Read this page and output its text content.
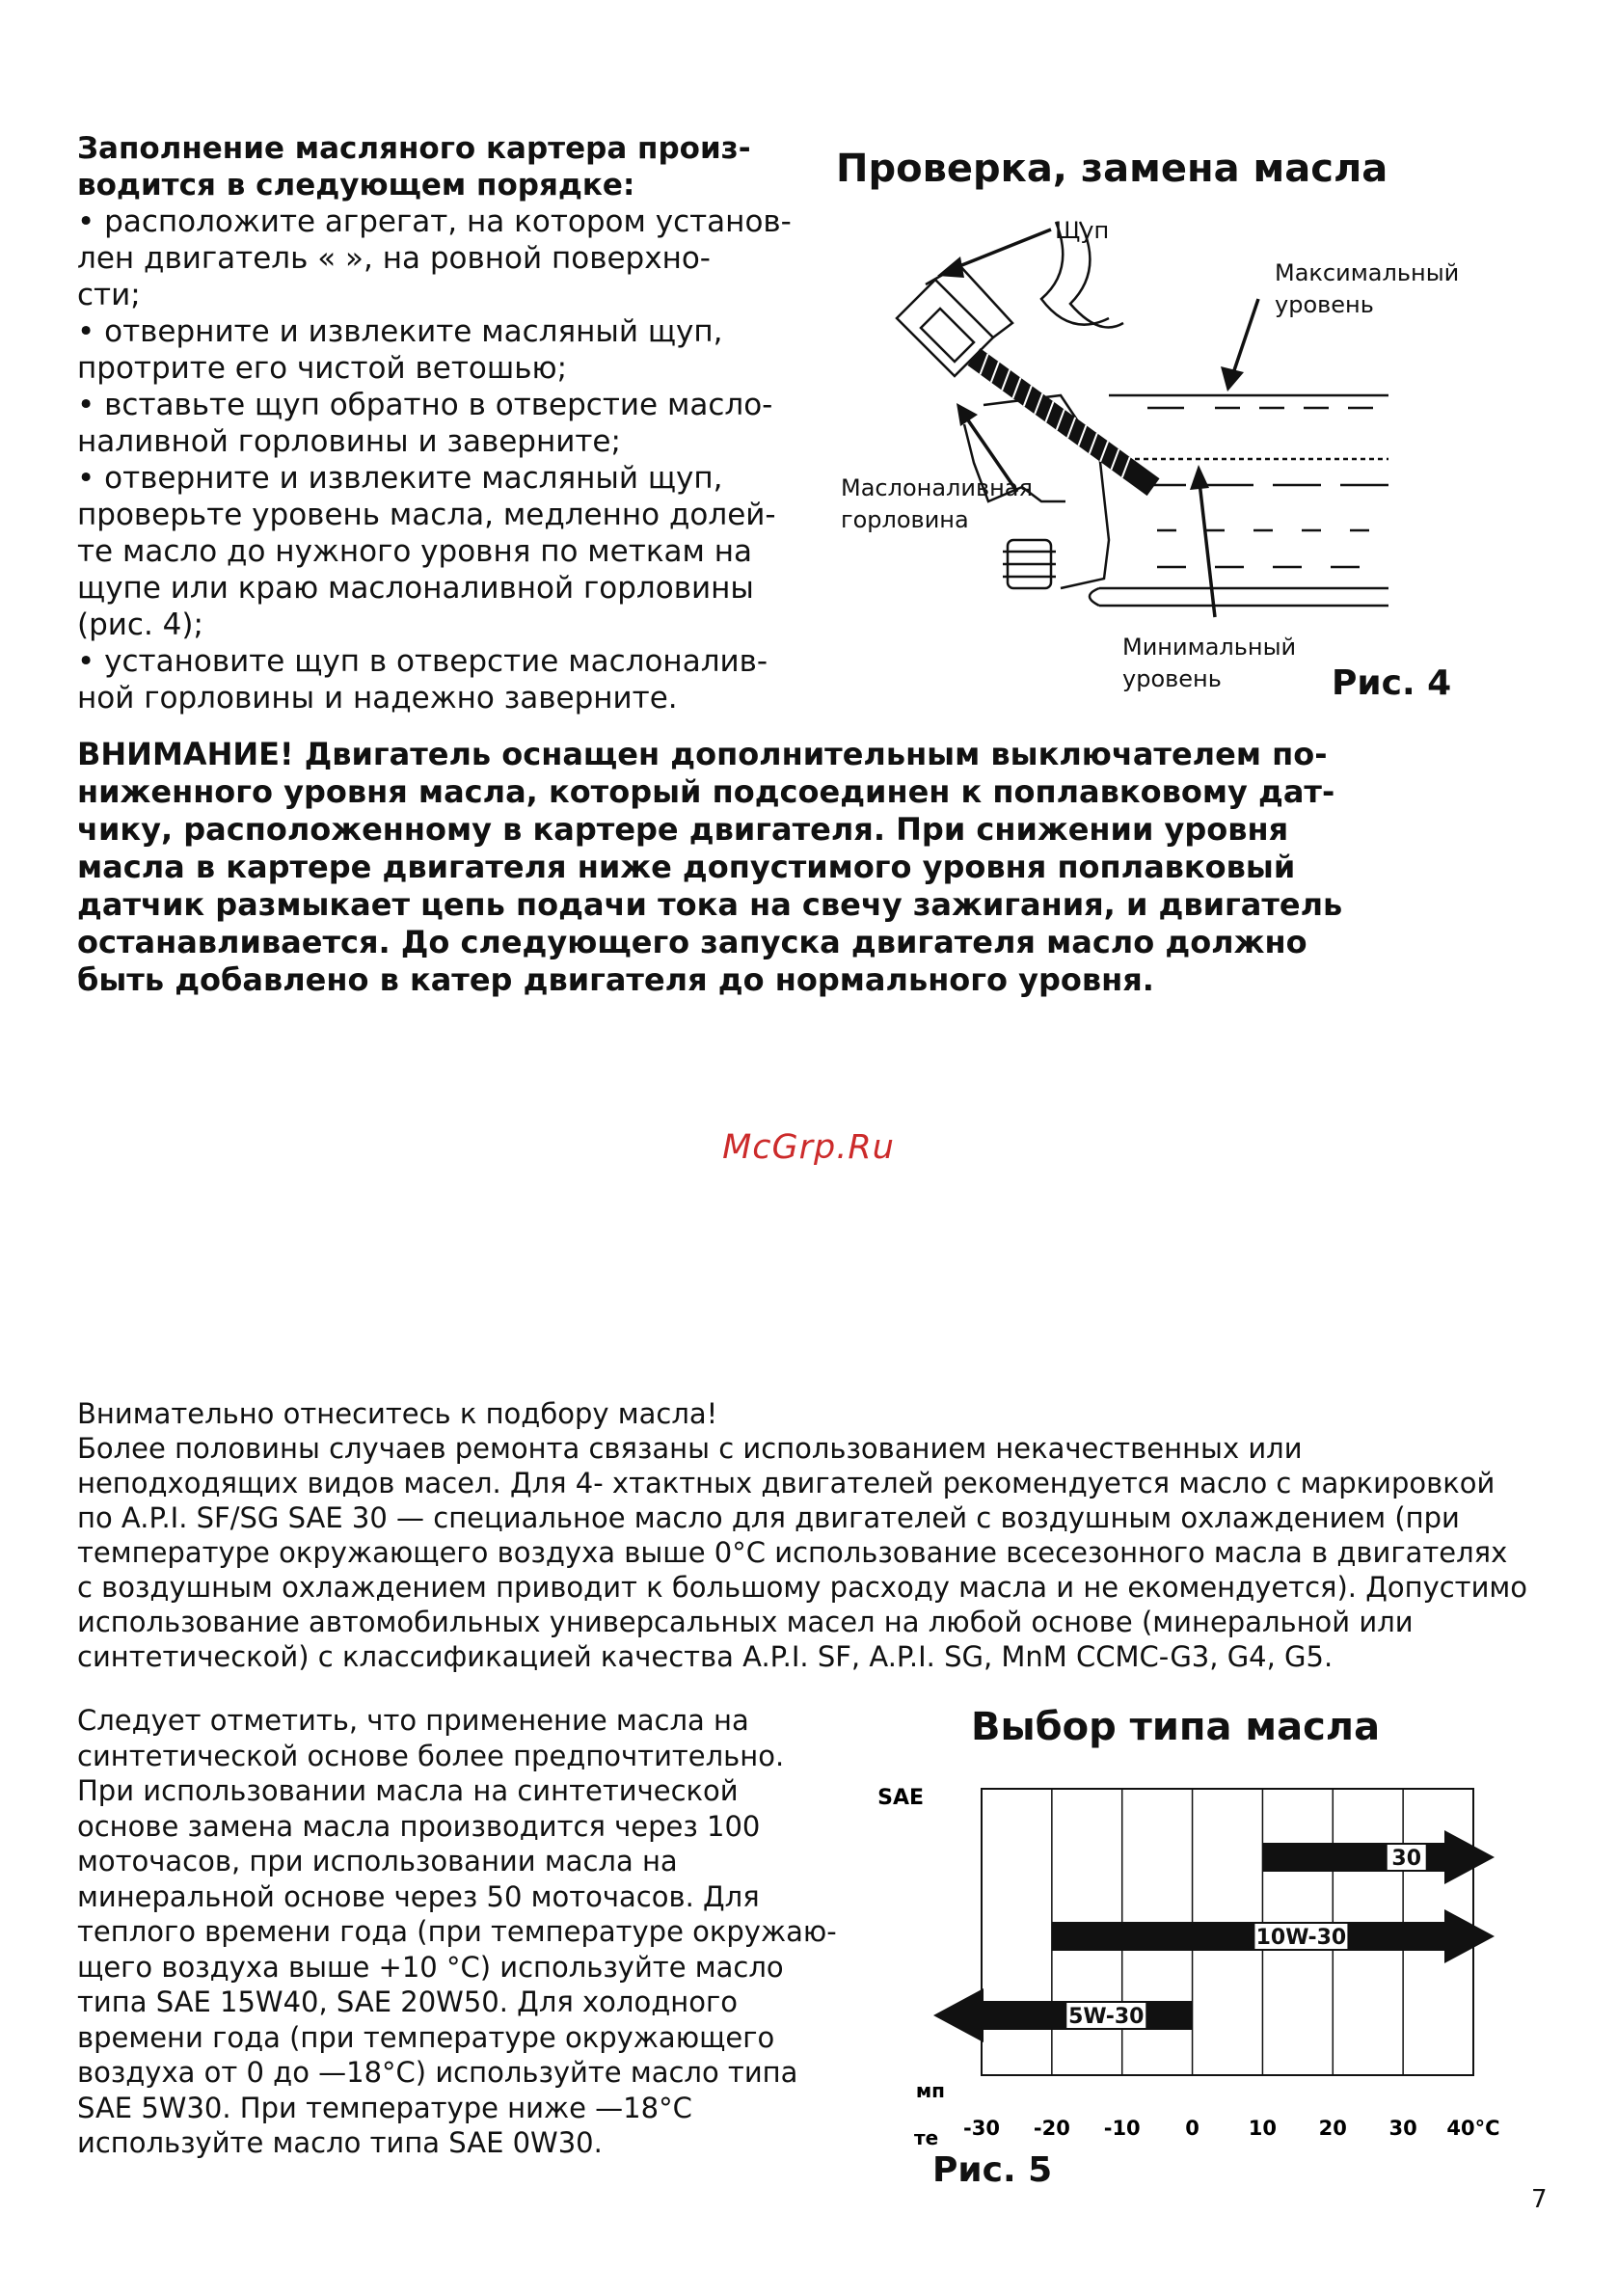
Заполнение масляного картера произ-
водится в следующем порядке:
• расположите агрегат, на котором установ-
лен двигатель « », на ровной поверхно-
сти;
• отверните и извлеките масляный щуп,
протрите его чистой ветошью;
• вставьте щуп обратно в отверстие масло-
наливной горловины и заверните;
• отверните и извлеките масляный щуп,
проверьте уровень масла, медленно долей-
те масло до нужного уровня по меткам на
щупе или краю маслоналивной горловины
(рис. 4);
• установите щуп в отверстие маслоналив-
ной горловины и надежно заверните.
Проверка, замена масла
Щуп
Максимальный
уровень
Маслоналивная
горловина
Минимальный
уровень	Рис. 4
ВНИМАНИЕ! Двигатель оснащен дополнительным выключателем по-
ниженного уровня масла, который подсоединен к поплавковому дат-
чику, расположенному в картере двигателя. При снижении уровня
масла в картере двигателя ниже допустимого уровня поплавковый
датчик размыкает цепь подачи тока на свечу зажигания, и двигатель
останавливается. До следующего запуска двигателя масло должно
быть добавлено в катер двигателя до нормального уровня.
McGrp.Ru
Внимательно отнеситесь к подбору масла!
Более половины случаев ремонта связаны с использованием некачественных или
неподходящих видов масел. Для 4- хтактных двигателей рекомендуется масло с маркировкой
по A.P.I. SF/SG SAE 30 — специальное масло для двигателей с воздушным охлаждением (при
температуре окружающего воздуха выше 0°С использование всесезонного масла в двигателях
с воздушным охлаждением приводит к большому расходу масла и не екомендуется). Допустимо
использование автомобильных универсальных масел на любой основе (минеральной или
синтетической) с классификацией качества A.P.I. SF, A.P.I. SG, MnM CCMC-G3, G4, G5.
Следует отметить, что применение масла на
синтетической основе более предпочтительно.
При использовании масла на синтетической
основе замена масла производится через 100
моточасов, при использовании масла на
минеральной основе через 50 моточасов. Для
теплого времени года (при температуре окружаю-
щего воздуха выше +10 °С) используйте масло
типа SAE 15W40, SAE 20W50. Для холодного
времени года (при температуре окружающего
воздуха от 0 до —18°С) используйте масло типа
SAE 5W30. При температуре ниже —18°С
используйте масло типа SAE 0W30.
Выбор типа масла
30
10W-30
5W-30
-30 -20 -10 0 10 20 30 40°C
SAE
мп
те
Рис. 5
7
